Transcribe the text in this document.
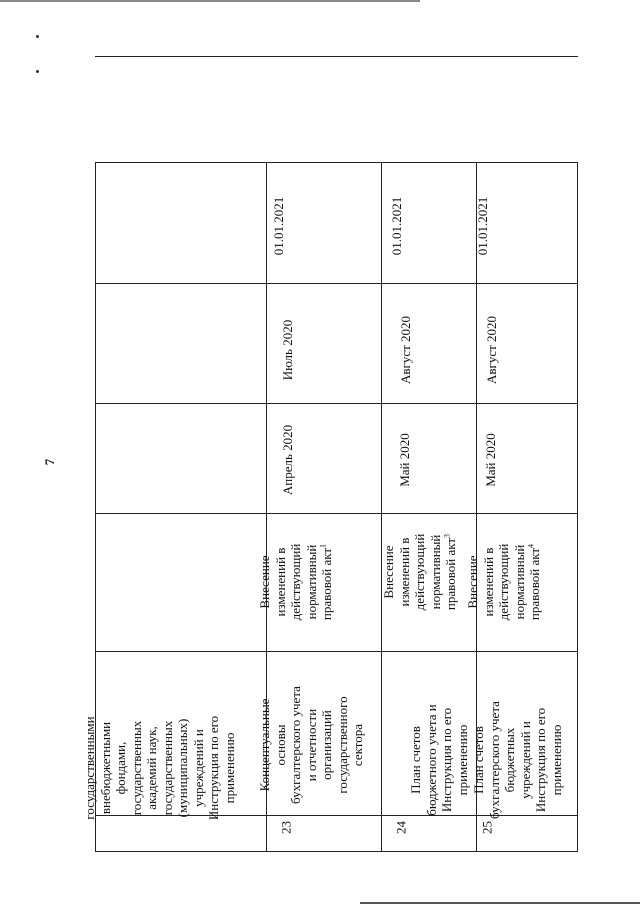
7
государственными
внебюджетными
фондами,
государственных
академий наук,
государственных
(муниципальных)
учреждений и
Инструкция по его
применению
23
Концептуальные
основы
бухгалтерского учета
и отчетности
организаций
государственного
сектора
Внесение
изменений в
действующий
нормативный
правовой акт$^1$
Апрель 2020
Июль 2020
01.01.2021
24
План счетов
бюджетного учета и
Инструкция по его
применению
Внесение
изменений в
действующий
нормативный
правовой акт$^3$
Май 2020
Август 2020
01.01.2021
25
План счетов
бухгалтерского учета
бюджетных
учреждений и
Инструкция по его
применению
Внесение
изменений в
действующий
нормативный
правовой акт$^4$
Май 2020
Август 2020
01.01.2021
